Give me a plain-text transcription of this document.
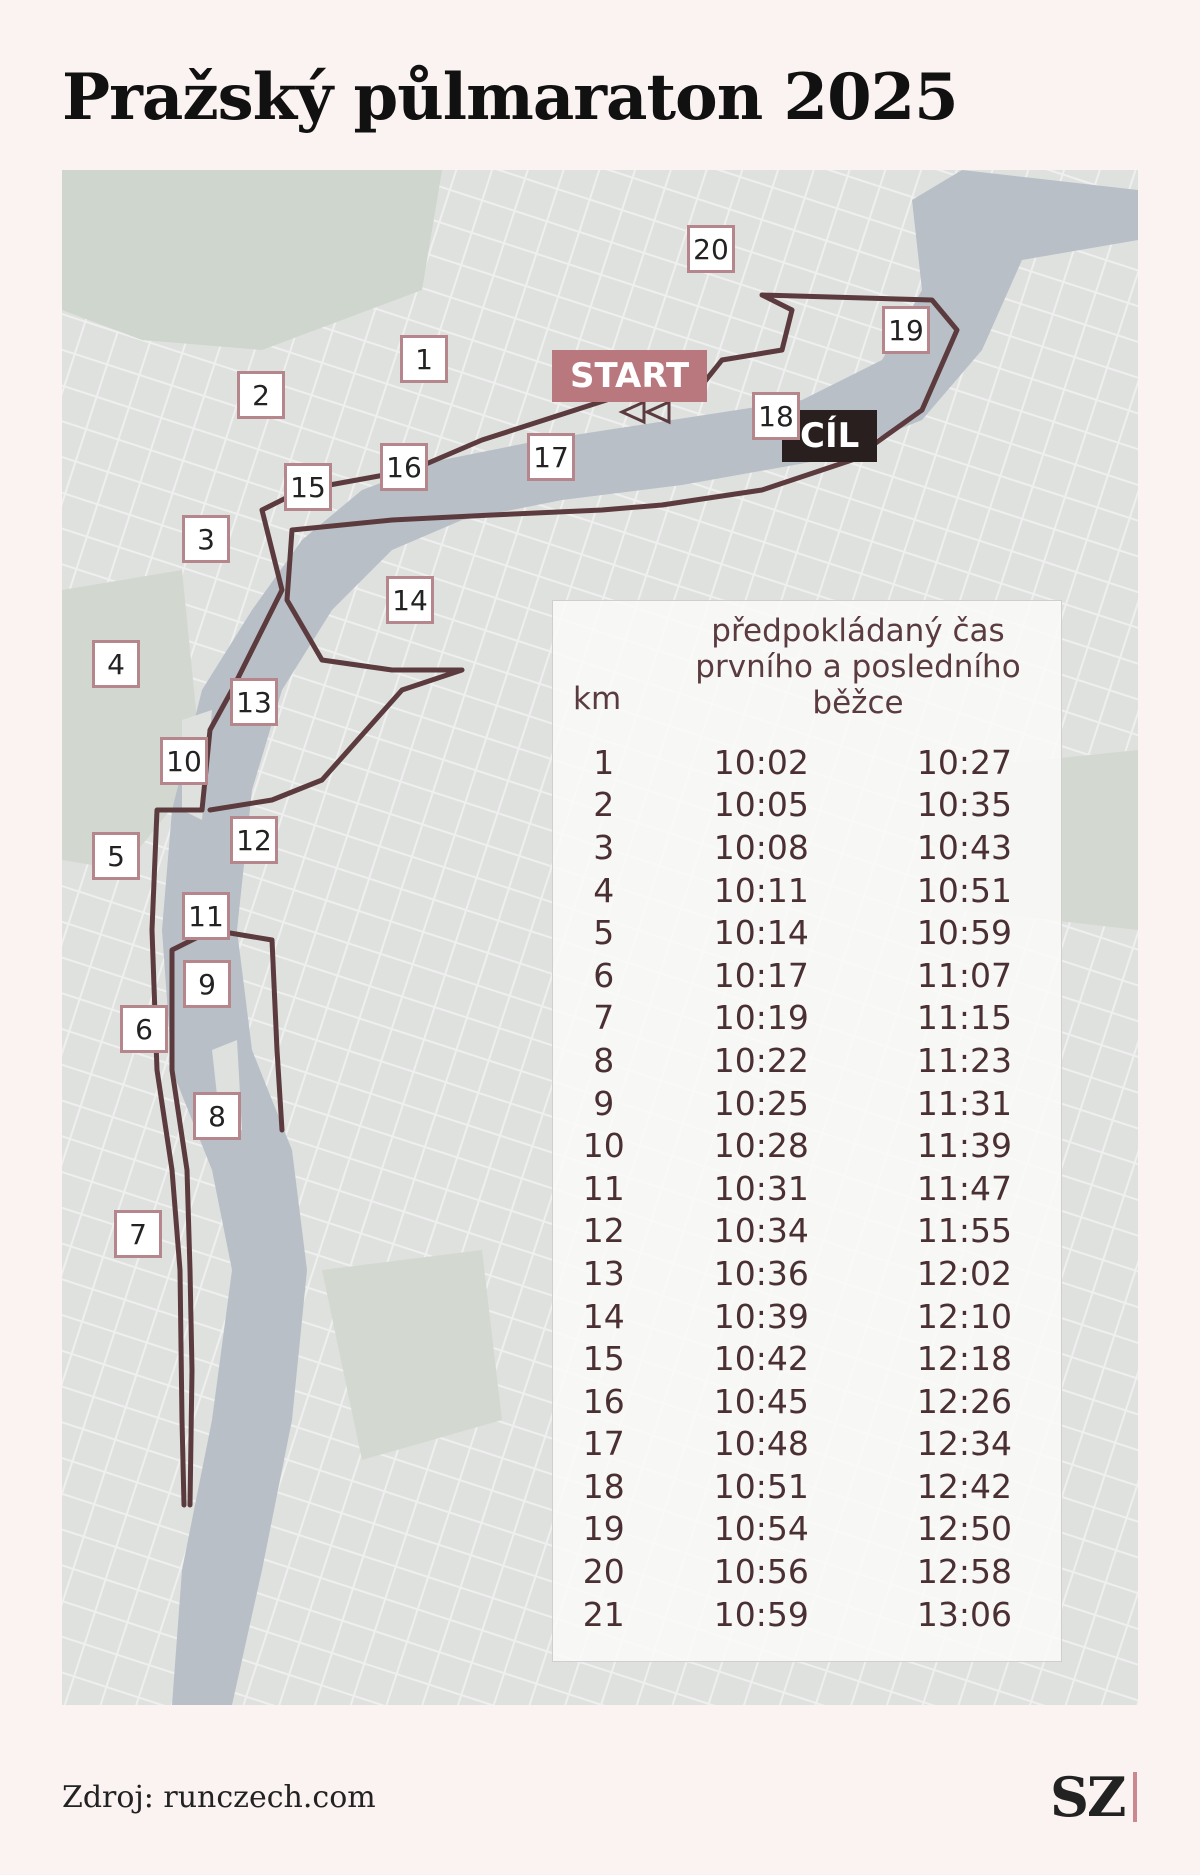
Pražský půlmaraton 2025
START
CÍL
1
2
3
4
5
6
7
8
9
10
11
12
13
14
15
16	17
18
19
20
předpokládaný čas
prvního a posledního
běžce
km
1	10:02	10:27
2	10:05	10:35
3	10:08	10:43
4	10:11	10:51
5	10:14	10:59
6	10:17	11:07
7	10:19	11:15
8	10:22	11:23
9	10:25	11:31
10	10:28	11:39
11	10:31	11:47
12	10:34	11:55
13	10:36	12:02
14	10:39	12:10
15	10:42	12:18
16	10:45	12:26
17	10:48	12:34
18	10:51	12:42
19	10:54	12:50
20	10:56	12:58
21	10:59	13:06
Zdroj: runczech.com	SZ
